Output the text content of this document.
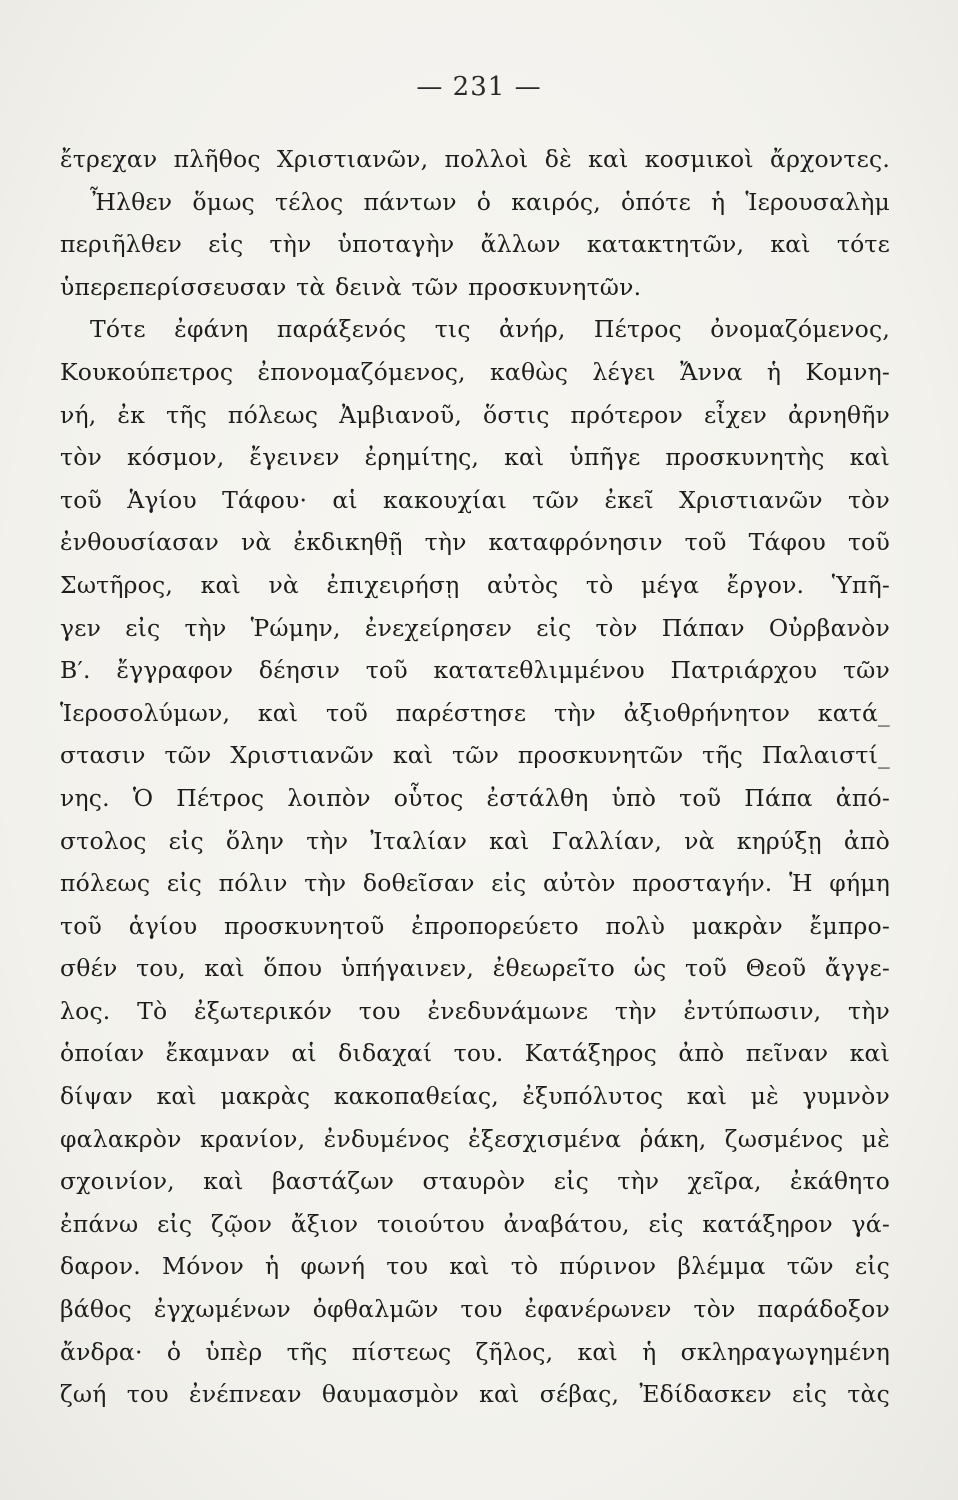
— 231 —
ἔτρεχαν πλῆθος Χριστιανῶν, πολλοὶ δὲ καὶ κοσμικοὶ ἄρχοντες.
Ἦλθεν ὅμως τέλος πάντων ὁ καιρός, ὁπότε ἡ Ἱερουσαλὴμ
περιῆλθεν εἰς τὴν ὑποταγὴν ἄλλων κατακτητῶν, καὶ τότε
ὑπερεπερίσσευσαν τὰ δεινὰ τῶν προσκυνητῶν.
Τότε ἐφάνη παράξενός τις ἀνήρ, Πέτρος ὀνομαζόμενος,
Κουκούπετρος ἐπονομαζόμενος, καθὼς λέγει Ἄννα ἡ Κομνη-
νή, ἐκ τῆς πόλεως Ἀμβιανοῦ, ὅστις πρότερον εἶχεν ἀρνηθῆν
τὸν κόσμον, ἔγεινεν ἐρημίτης, καὶ ὑπῆγε προσκυνητὴς καὶ
τοῦ Ἁγίου Τάφου· αἱ κακουχίαι τῶν ἐκεῖ Χριστιανῶν τὸν
ἐνθουσίασαν νὰ ἐκδικηθῇ τὴν καταφρόνησιν τοῦ Τάφου τοῦ
Σωτῆρος, καὶ νὰ ἐπιχειρήσῃ αὐτὸς τὸ μέγα ἔργον. Ὑπῆ-
γεν εἰς τὴν Ῥώμην, ἐνεχείρησεν εἰς τὸν Πάπαν Οὐρβανὸν
Β′. ἔγγραφον δέησιν τοῦ κατατεθλιμμένου Πατριάρχου τῶν
Ἱεροσολύμων, καὶ τοῦ παρέστησε τὴν ἀξιοθρήνητον κατά_
στασιν τῶν Χριστιανῶν καὶ τῶν προσκυνητῶν τῆς Παλαιστί_
νης. Ὁ Πέτρος λοιπὸν οὗτος ἐστάλθη ὑπὸ τοῦ Πάπα ἀπό-
στολος εἰς ὅλην τὴν Ἰταλίαν καὶ Γαλλίαν, νὰ κηρύξῃ ἀπὸ
πόλεως εἰς πόλιν τὴν δοθεῖσαν εἰς αὐτὸν προσταγήν. Ἡ φήμη
τοῦ ἁγίου προσκυνητοῦ ἐπροπορεύετο πολὺ μακρὰν ἔμπρο-
σθέν του, καὶ ὅπου ὑπήγαινεν, ἐθεωρεῖτο ὡς τοῦ Θεοῦ ἄγγε-
λος. Τὸ ἐξωτερικόν του ἐνεδυνάμωνε τὴν ἐντύπωσιν, τὴν
ὁποίαν ἔκαμναν αἱ διδαχαί του. Κατάξηρος ἀπὸ πεῖναν καὶ
δίψαν καὶ μακρὰς κακοπαθείας, ἐξυπόλυτος καὶ μὲ γυμνὸν
φαλακρὸν κρανίον, ἐνδυμένος ἐξεσχισμένα ῥάκη, ζωσμένος μὲ
σχοινίον, καὶ βαστάζων σταυρὸν εἰς τὴν χεῖρα, ἐκάθητο
ἐπάνω εἰς ζῷον ἄξιον τοιούτου ἀναβάτου, εἰς κατάξηρον γά-
δαρον. Μόνον ἡ φωνή του καὶ τὸ πύρινον βλέμμα τῶν εἰς
βάθος ἐγχωμένων ὀφθαλμῶν του ἐφανέρωνεν τὸν παράδοξον
ἄνδρα· ὁ ὑπὲρ τῆς πίστεως ζῆλος, καὶ ἡ σκληραγωγημένη
ζωή του ἐνέπνεαν θαυμασμὸν καὶ σέβας, Ἐδίδασκεν εἰς τὰς
